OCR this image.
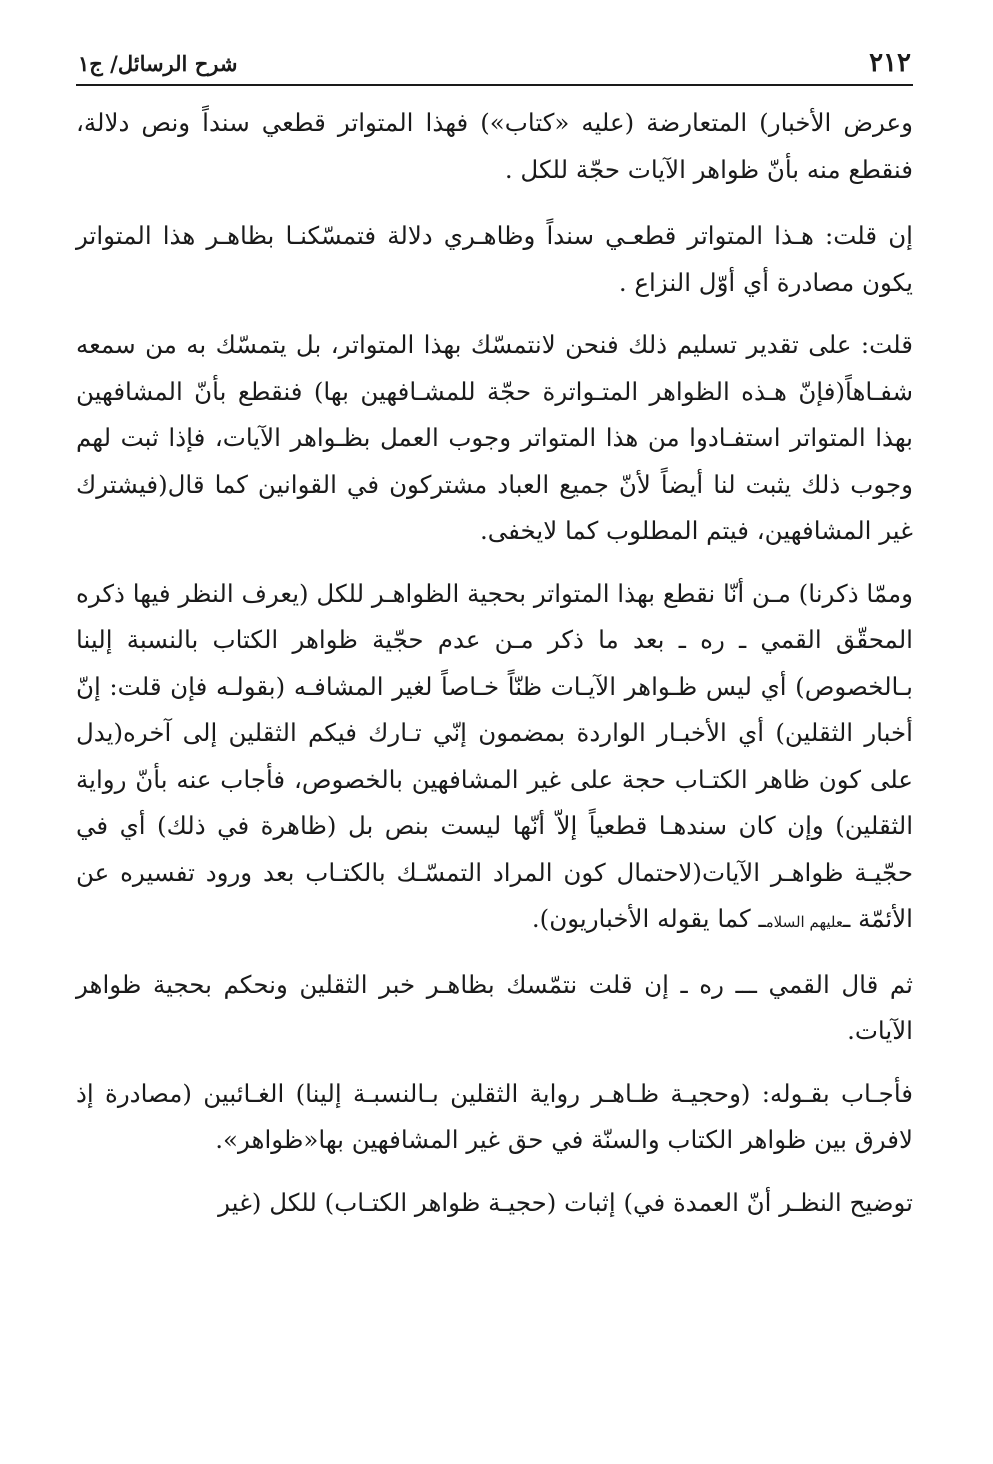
٢١٢
شرح الرسائل/ ج١

وعرض الأخبار) المتعارضة (عليه «كتاب») فهذا المتواتر قطعي سنداً ونص دلالة، فنقطع منه بأنّ ظواهر الآيات حجّة للكل .

إن قلت: هـذا المتواتر قطعـي سنداً وظاهـري دلالة فتمسّكنـا بظاهـر هذا المتواتر يكون مصادرة أي أوّل النزاع .

قلت: على تقدير تسليم ذلك فنحن لانتمسّك بهذا المتواتر، بل يتمسّك به من سمعه شفـاهاً(فإنّ هـذه الظواهر المتـواترة حجّة للمشـافهين بها) فنقطع بأنّ المشافهين بهذا المتواتر استفـادوا من هذا المتواتر وجوب العمل بظـواهر الآيات، فإذا ثبت لهم وجوب ذلك يثبت لنا أيضاً لأنّ جميع العباد مشتركون في القوانين كما قال(فيشترك غير المشافهين، فيتم المطلوب كما لايخفى.

وممّا ذكرنا) مـن أنّا نقطع بهذا المتواتر بحجية الظواهـر للكل (يعرف النظر فيها ذكره المحقّق القمي ـ ره ـ بعد ما ذكر مـن عدم حجّية ظواهر الكتاب بالنسبة إلينا بـالخصوص) أي ليس ظـواهر الآيـات ظنّاً خـاصاً لغير المشافـه (بقولـه فإن قلت: إنّ أخبار الثقلين) أي الأخبـار الواردة بمضمون إنّي تـارك فيكم الثقلين إلى آخره(يدل على كون ظاهر الكتـاب حجة على غير المشافهين بالخصوص، فأجاب عنه بأنّ رواية الثقلين) وإن كان سندهـا قطعياً إلاّ أنّها ليست بنص بل (ظاهرة في ذلك) أي في حجّيـة ظواهـر الآيات(لاحتمال كون المراد التمسّـك بالكتـاب بعد ورود تفسيره عن الأئمّة ـعليهم السلامـ كما يقوله الأخباريون).

ثم قال القمي ـــ ره ـ إن قلت نتمّسك بظاهـر خبر الثقلين ونحكم بحجية ظواهر الآيات.

فأجـاب بقـوله: (وحجيـة ظـاهـر رواية الثقلين بـالنسبـة إلينا) الغـائبين (مصادرة إذ لافرق بين ظواهر الكتاب والسنّة في حق غير المشافهين بها«ظواهر».

توضيح النظـر أنّ العمدة في) إثبات (حجيـة ظواهر الكتـاب) للكل (غير
